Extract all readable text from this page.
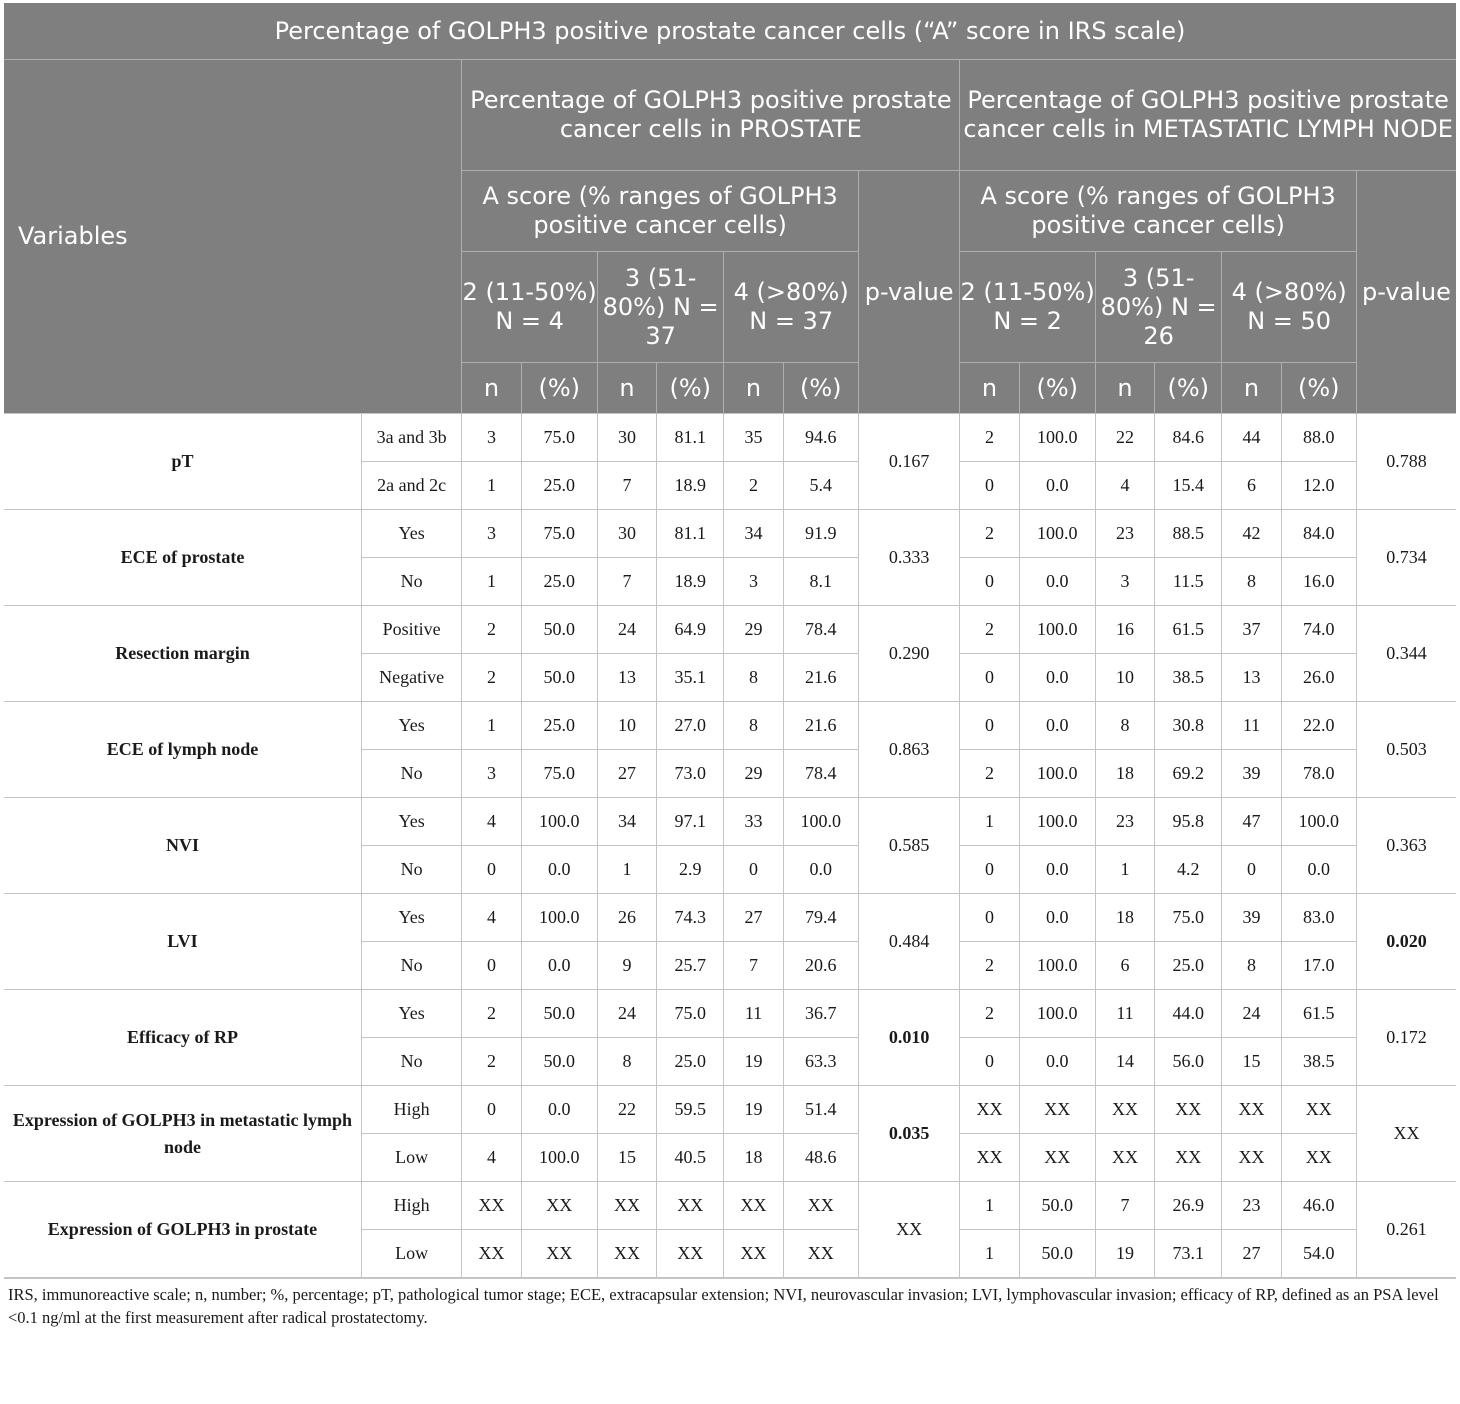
Percentage of GOLPH3 positive prostate cancer cells (“A” score in IRS scale)															
Variables		Percentage of GOLPH3 positive prostate cancer cells in PROSTATE							Percentage of GOLPH3 positive prostate cancer cells in METASTATIC LYMPH NODE						
		A score (% ranges of GOLPH3 positive cancer cells)						p-value	A score (% ranges of GOLPH3 positive cancer cells)						p-value
		2 (11-50%) N = 4		3 (51-80%) N = 37		4 (>80%) N = 37			2 (11-50%) N = 2		3 (51-80%) N = 26		4 (>80%) N = 50		
		n	(%)	n	(%)	n	(%)		n	(%)	n	(%)	n	(%)	
pT	3a and 3b	3	75.0	30	81.1	35	94.6	0.167	2	100.0	22	84.6	44	88.0	0.788
	2a and 2c	1	25.0	7	18.9	2	5.4		0	0.0	4	15.4	6	12.0	
ECE of prostate	Yes	3	75.0	30	81.1	34	91.9	0.333	2	100.0	23	88.5	42	84.0	0.734
	No	1	25.0	7	18.9	3	8.1		0	0.0	3	11.5	8	16.0	
Resection margin	Positive	2	50.0	24	64.9	29	78.4	0.290	2	100.0	16	61.5	37	74.0	0.344
	Negative	2	50.0	13	35.1	8	21.6		0	0.0	10	38.5	13	26.0	
ECE of lymph node	Yes	1	25.0	10	27.0	8	21.6	0.863	0	0.0	8	30.8	11	22.0	0.503
	No	3	75.0	27	73.0	29	78.4		2	100.0	18	69.2	39	78.0	
NVI	Yes	4	100.0	34	97.1	33	100.0	0.585	1	100.0	23	95.8	47	100.0	0.363
	No	0	0.0	1	2.9	0	0.0		0	0.0	1	4.2	0	0.0	
LVI	Yes	4	100.0	26	74.3	27	79.4	0.484	0	0.0	18	75.0	39	83.0	0.020
	No	0	0.0	9	25.7	7	20.6		2	100.0	6	25.0	8	17.0	
Efficacy of RP	Yes	2	50.0	24	75.0	11	36.7	0.010	2	100.0	11	44.0	24	61.5	0.172
	No	2	50.0	8	25.0	19	63.3		0	0.0	14	56.0	15	38.5	
Expression of GOLPH3 in metastatic lymph node	High	0	0.0	22	59.5	19	51.4	0.035	XX	XX	XX	XX	XX	XX	XX
	Low	4	100.0	15	40.5	18	48.6		XX	XX	XX	XX	XX	XX	
Expression of GOLPH3 in prostate	High	XX	XX	XX	XX	XX	XX	XX	1	50.0	7	26.9	23	46.0	0.261
	Low	XX	XX	XX	XX	XX	XX		1	50.0	19	73.1	27	54.0	
IRS, immunoreactive scale; n, number; %, percentage; pT, pathological tumor stage; ECE, extracapsular extension; NVI, neurovascular invasion; LVI, lymphovascular invasion; efficacy of RP, defined as an PSA level <0.1 ng/ml at the first measurement after radical prostatectomy.
